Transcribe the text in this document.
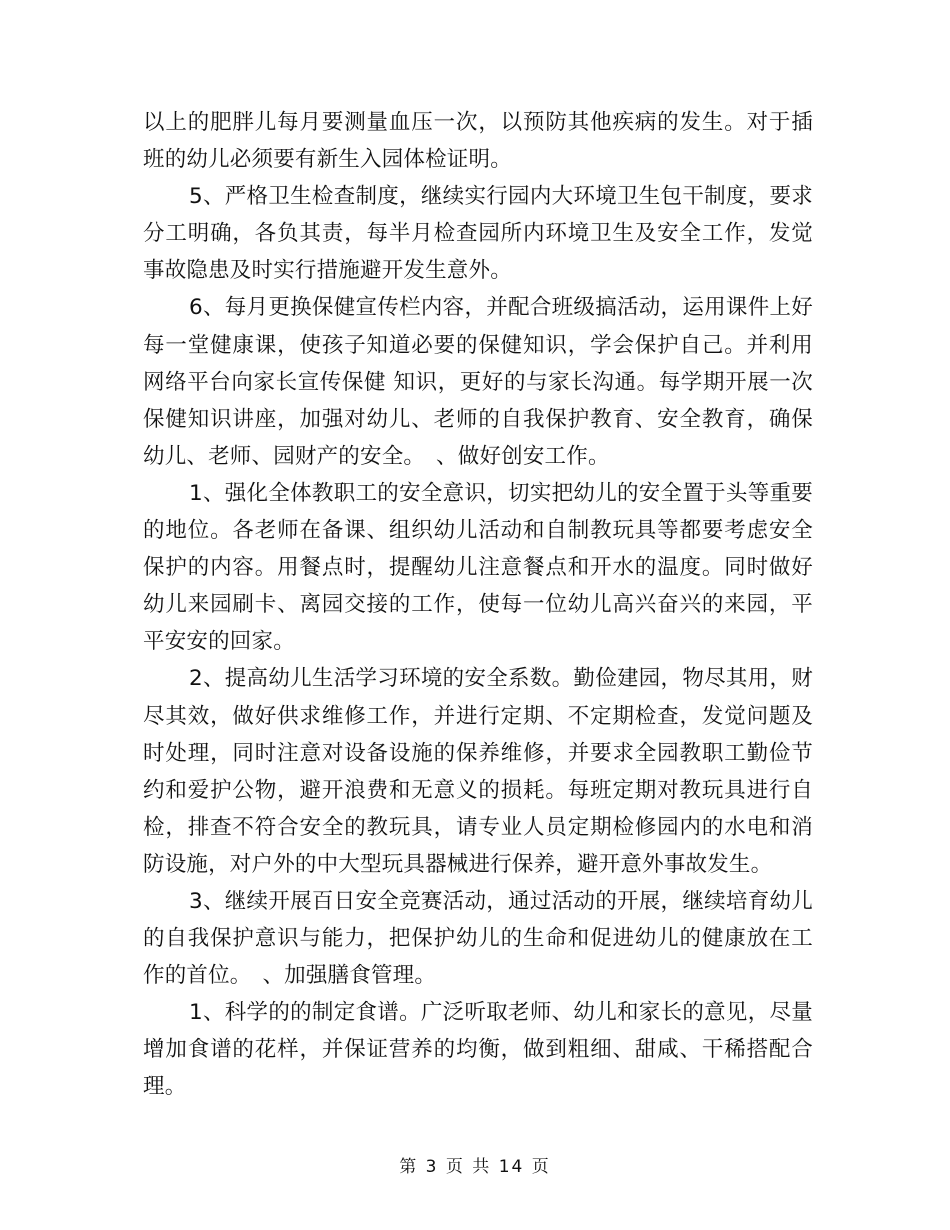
以上的肥胖儿每月要测量血压一次，以预防其他疾病的发生。对于插
班的幼儿必须要有新生入园体检证明。
5、严格卫生检查制度，继续实行园内大环境卫生包干制度，要求
分工明确，各负其责，每半月检查园所内环境卫生及安全工作，发觉
事故隐患及时实行措施避开发生意外。
6、每月更换保健宣传栏内容，并配合班级搞活动，运用课件上好
每一堂健康课，使孩子知道必要的保健知识，学会保护自己。并利用
网络平台向家长宣传保健 知识，更好的与家长沟通。每学期开展一次
保健知识讲座，加强对幼儿、老师的自我保护教育、安全教育，确保
幼儿、老师、园财产的安全。　、做好创安工作。
1、强化全体教职工的安全意识，切实把幼儿的安全置于头等重要
的地位。各老师在备课、组织幼儿活动和自制教玩具等都要考虑安全
保护的内容。用餐点时，提醒幼儿注意餐点和开水的温度。同时做好
幼儿来园刷卡、离园交接的工作，使每一位幼儿高兴奋兴的来园，平
平安安的回家。
2、提高幼儿生活学习环境的安全系数。勤俭建园，物尽其用，财
尽其效，做好供求维修工作，并进行定期、不定期检查，发觉问题及
时处理，同时注意对设备设施的保养维修，并要求全园教职工勤俭节
约和爱护公物，避开浪费和无意义的损耗。每班定期对教玩具进行自
检，排查不符合安全的教玩具，请专业人员定期检修园内的水电和消
防设施，对户外的中大型玩具器械进行保养，避开意外事故发生。
3、继续开展百日安全竞赛活动，通过活动的开展，继续培育幼儿
的自我保护意识与能力，把保护幼儿的生命和促进幼儿的健康放在工
作的首位。　、加强膳食管理。
1、科学的的制定食谱。广泛听取老师、幼儿和家长的意见，尽量
增加食谱的花样，并保证营养的均衡，做到粗细、甜咸、干稀搭配合
理。
第 3 页 共 14 页
